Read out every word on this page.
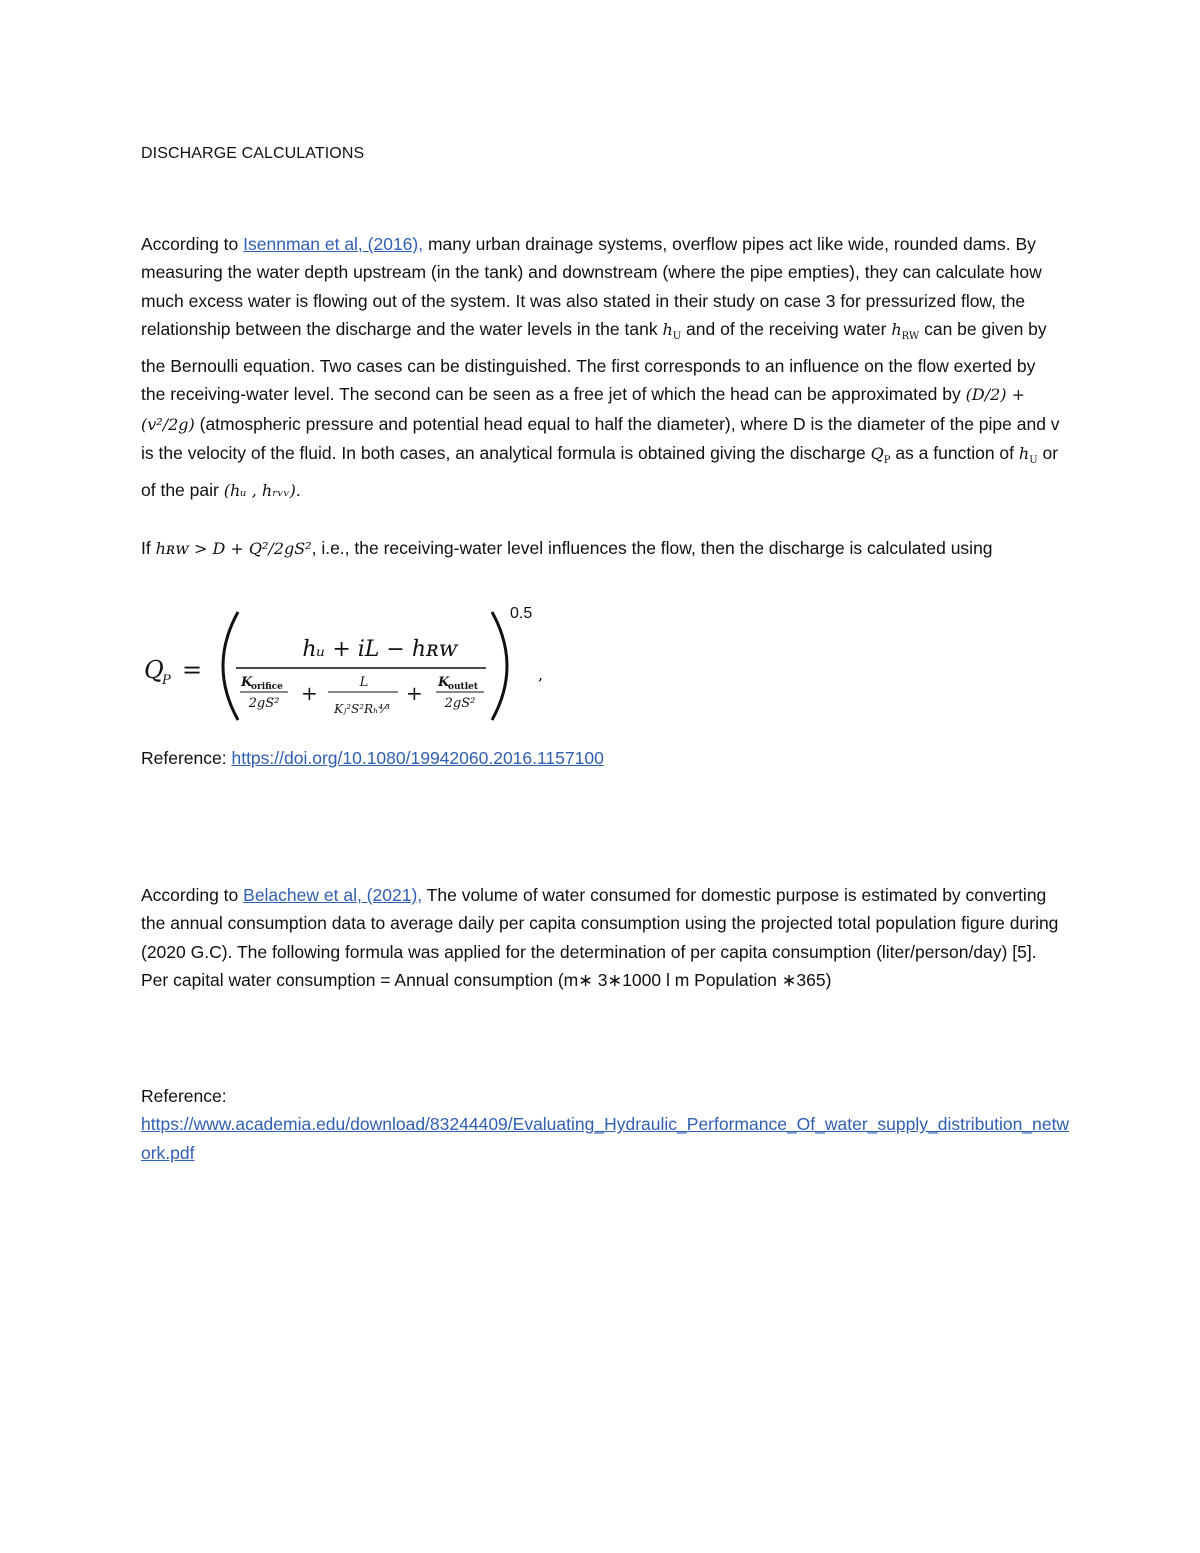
DISCHARGE CALCULATIONS
According to Isennman et al, (2016), many urban drainage systems, overflow pipes act like wide, rounded dams. By measuring the water depth upstream (in the tank) and downstream (where the pipe empties), they can calculate how much excess water is flowing out of the system. It was also stated in their study on case 3 for pressurized flow, the relationship between the discharge and the water levels in the tank $h_U$ and of the receiving water $h_{RW}$ can be given by the Bernoulli equation. Two cases can be distinguished. The first corresponds to an influence on the flow exerted by the receiving-water level. The second can be seen as a free jet of which the head can be approximated by (D/2) + (v²/2g) (atmospheric pressure and potential head equal to half the diameter), where D is the diameter of the pipe and v is the velocity of the fluid. In both cases, an analytical formula is obtained giving the discharge $Q_P$ as a function of $h_U$ or of the pair (hᵤ , hᵣᵥᵥ).
If hʀᴡ > D + Q²/2gS², i.e., the receiving-water level influences the flow, then the discharge is calculated using
Q
P =
hᵤ + iL − hʀᴡ
K
orifice
2gS² +	L
Kⱼ²S²Rₕ⁴⁄³
+ K
outlet
2gS²
0.5
,
Reference: https://doi.org/10.1080/19942060.2016.1157100
According to Belachew et al, (2021), The volume of water consumed for domestic purpose is estimated by converting the annual consumption data to average daily per capita consumption using the projected total population figure during (2020 G.C). The following formula was applied for the determination of per capita consumption (liter/person/day) [5]. Per capital water consumption = Annual consumption (m∗ 3∗1000 l m Population ∗365)
Reference:
https://www.academia.edu/download/83244409/Evaluating_Hydraulic_Performance_Of_water_supply_distribution_network.pdf
